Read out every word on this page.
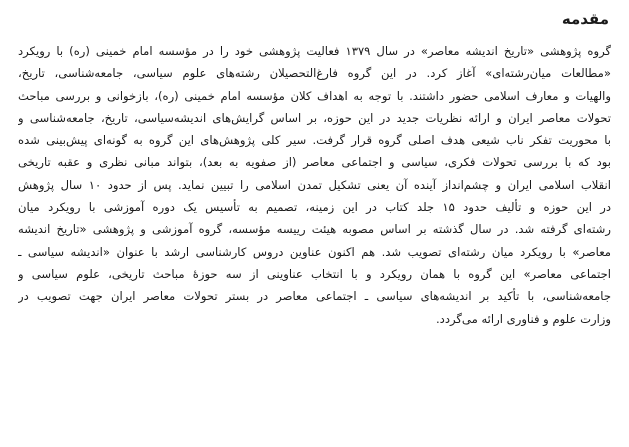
مقدمه
گروه پژوهشی «تاریخ اندیشه معاصر» در سال ۱۳۷۹ فعالیت پژوهشی خود را در مؤسسه امام خمینی (ره) با رویکرد
«مطالعات میان‌رشته‌ای» آغاز کرد. در این گروه فارغ‌التحصیلان رشته‌های علوم سیاسی، جامعه‌شناسی، تاریخ،
والهیات و معارف اسلامی حضور داشتند. با توجه به اهداف کلان مؤسسه امام خمینی (ره)، بازخوانی و بررسی مباحث
تحولات معاصر ایران و ارائه نظریات جدید در این حوزه، بر اساس گرایش‌های اندیشه‌سیاسی، تاریخ، جامعه‌شناسی و
با محوریت تفکر ناب شیعی هدف اصلی گروه قرار گرفت. سیر کلی پژوهش‌های این گروه به گونه‌ای پیش‌بینی شده
بود که با بررسی تحولات فکری، سیاسی و اجتماعی معاصر (از صفویه به بعد)، بتواند مبانی نظری و عقبه تاریخی
انقلاب اسلامی ایران و چشم‌انداز آینده آن یعنی تشکیل تمدن اسلامی را تبیین نماید. پس از حدود ۱۰ سال پژوهش
در این حوزه و تألیف حدود ۱۵ جلد کتاب در این زمینه، تصمیم به تأسیس یک دوره آموزشی با رویکرد میان
رشته‌ای گرفته شد. در سال گذشته بر اساس مصوبه هیئت رییسه مؤسسه، گروه آموزشی و پژوهشی «تاریخ اندیشه
معاصر» با رویکرد میان رشته‌ای تصویب شد. هم اکنون عناوین دروس کارشناسی ارشد با عنوان «اندیشه سیاسی ـ
اجتماعی معاصر» این گروه با همان رویکرد و با انتخاب عناوینی از سه حوزۀ مباحث تاریخی، علوم سیاسی و
جامعه‌شناسی، با تأکید بر اندیشه‌های سیاسی ـ اجتماعی معاصر در بستر تحولات معاصر ایران جهت تصویب در
وزارت علوم و فناوری ارائه می‌گردد.
